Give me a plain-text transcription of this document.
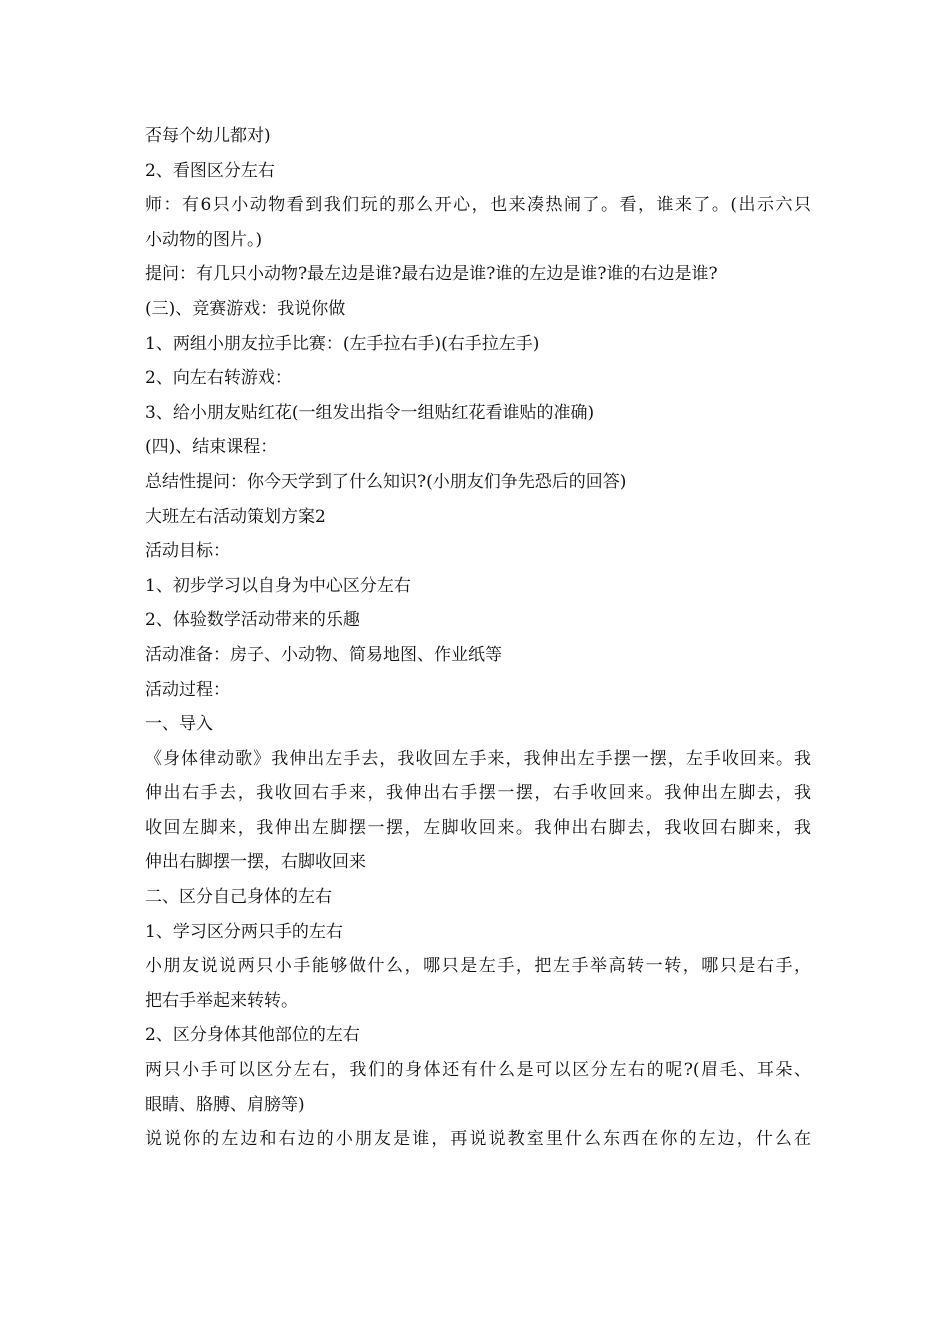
否每个幼儿都对)
2、看图区分左右
师：有6只小动物看到我们玩的那么开心，也来凑热闹了。看，谁来了。(出示六只
小动物的图片。)
提问：有几只小动物?最左边是谁?最右边是谁?谁的左边是谁?谁的右边是谁?
(三)、竞赛游戏：我说你做
1、两组小朋友拉手比赛：(左手拉右手)(右手拉左手)
2、向左右转游戏：
3、给小朋友贴红花(一组发出指令一组贴红花看谁贴的准确)
(四)、结束课程：
总结性提问：你今天学到了什么知识?(小朋友们争先恐后的回答)
大班左右活动策划方案2
活动目标：
1、初步学习以自身为中心区分左右
2、体验数学活动带来的乐趣
活动准备：房子、小动物、简易地图、作业纸等
活动过程：
一、导入
《身体律动歌》我伸出左手去，我收回左手来，我伸出左手摆一摆，左手收回来。我
伸出右手去，我收回右手来，我伸出右手摆一摆，右手收回来。我伸出左脚去，我
收回左脚来，我伸出左脚摆一摆，左脚收回来。我伸出右脚去，我收回右脚来，我
伸出右脚摆一摆，右脚收回来
二、区分自己身体的左右
1、学习区分两只手的左右
小朋友说说两只小手能够做什么，哪只是左手，把左手举高转一转，哪只是右手，
把右手举起来转转。
2、区分身体其他部位的左右
两只小手可以区分左右，我们的身体还有什么是可以区分左右的呢?(眉毛、耳朵、
眼睛、胳膊、肩膀等)
说说你的左边和右边的小朋友是谁，再说说教室里什么东西在你的左边，什么在
